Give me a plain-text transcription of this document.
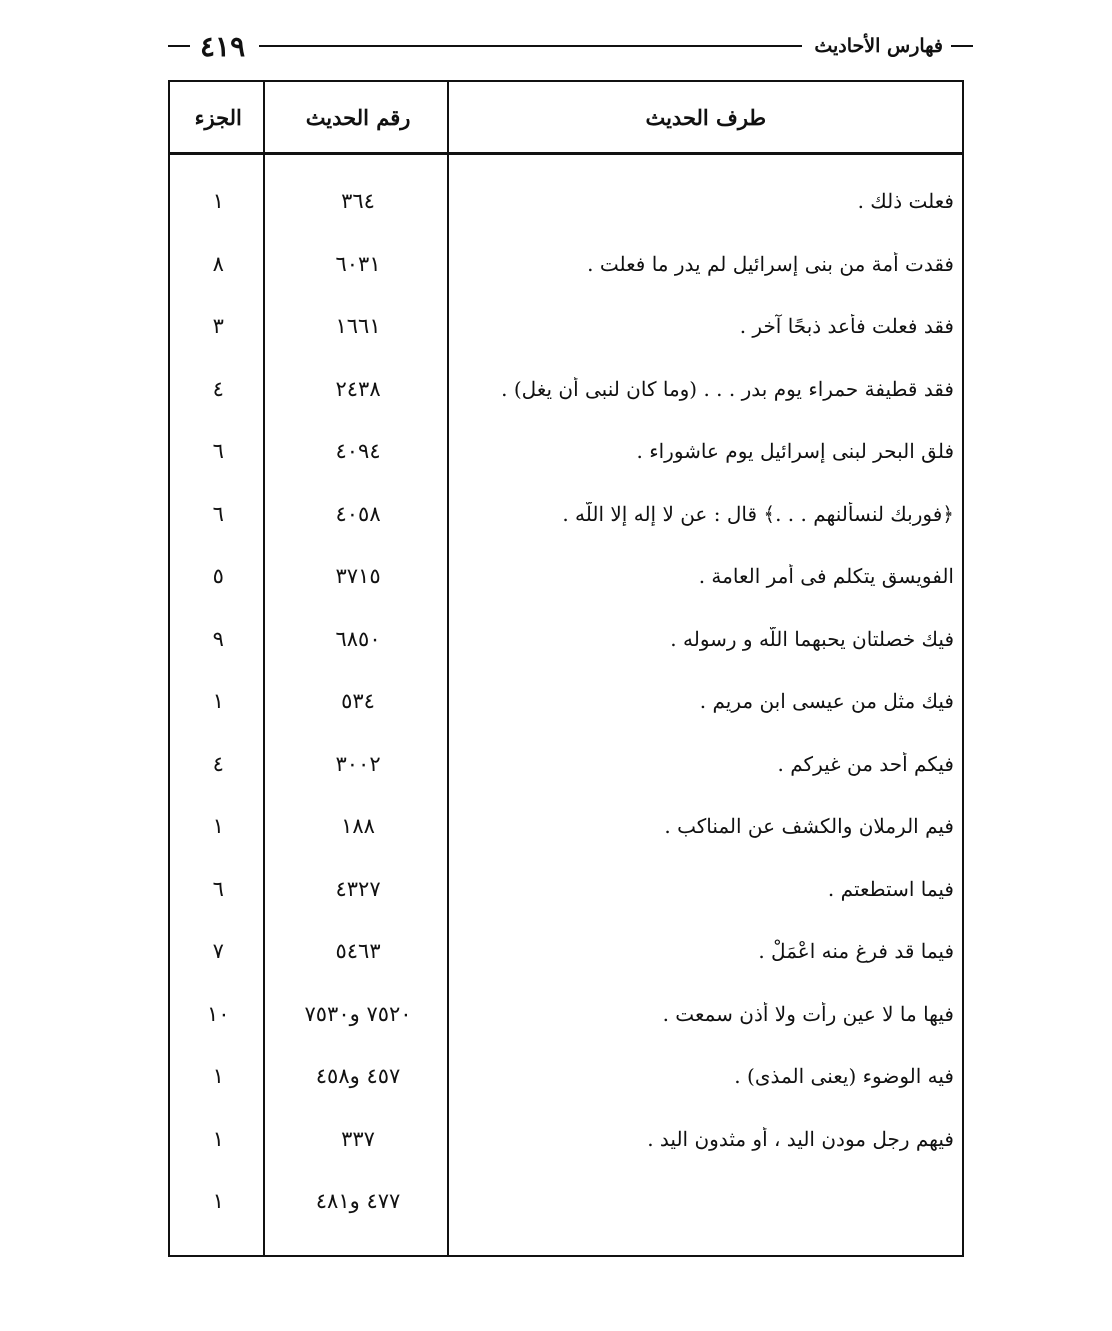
فهارس الأحاديث
٤١٩
طرف الحديث
رقم الحديث
الجزء
فعلت ذلك .
٣٦٤
١
فقدت أمة من بنى إسرائيل لم يدر ما فعلت .
٦٠٣١
٨
فقد فعلت فأعد ذبحًا آخر .
١٦٦١
٣
فقد قطيفة حمراء يوم بدر . . . (وما كان لنبى أن يغل) .
٢٤٣٨
٤
فلق البحر لبنى إسرائيل يوم عاشوراء .
٤٠٩٤
٦
﴿فوربك لنسألنهم . . .﴾ قال : عن لا إله إلا اللّه .
٤٠٥٨
٦
الفويسق يتكلم فى أمر العامة .
٣٧١٥
٥
فيك خصلتان يحبهما اللّه و رسوله .
٦٨٥٠
٩
فيك مثل من عيسى ابن مريم .
٥٣٤
١
فيكم أحد من غيركم .
٣٠٠٢
٤
فيم الرملان والكشف عن المناكب .
١٨٨
١
فيما استطعتم .
٤٣٢٧
٦
فيما قد فرغ منه اعْمَلْ .
٥٤٦٣
٧
فيها ما لا عين رأت ولا أذن سمعت .
٧٥٢٠ و٧٥٣٠
١٠
فيه الوضوء (يعنى المذى) .
٤٥٧ و٤٥٨
١
فيهم رجل مودن اليد ، أو مثدون اليد .
٣٣٧
١
٤٧٧ و٤٨١
١
